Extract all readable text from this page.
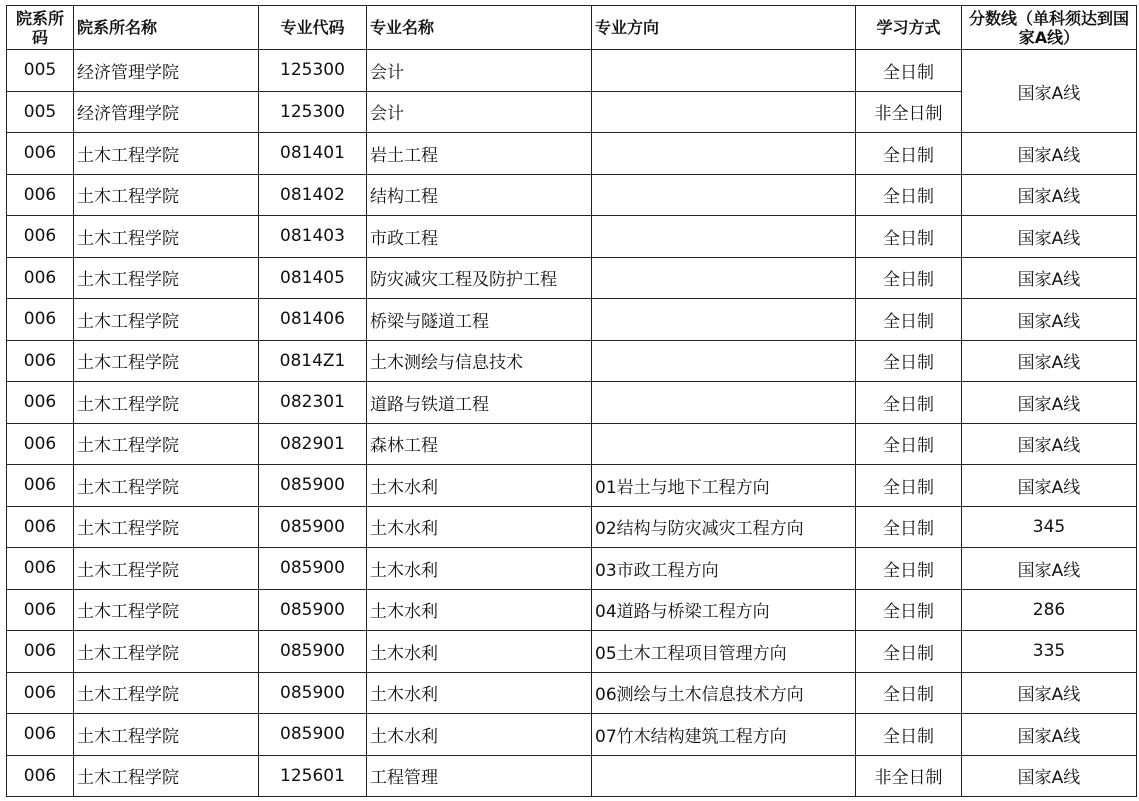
院系所码	院系所名称	专业代码	专业名称	专业方向	学习方式	分数线（单科须达到国家A线）
005	经济管理学院	125300	会计		全日制	国家A线
005	经济管理学院	125300	会计		非全日制	
006	土木工程学院	081401	岩土工程		全日制	国家A线
006	土木工程学院	081402	结构工程		全日制	国家A线
006	土木工程学院	081403	市政工程		全日制	国家A线
006	土木工程学院	081405	防灾减灾工程及防护工程		全日制	国家A线
006	土木工程学院	081406	桥梁与隧道工程		全日制	国家A线
006	土木工程学院	0814Z1	土木测绘与信息技术		全日制	国家A线
006	土木工程学院	082301	道路与铁道工程		全日制	国家A线
006	土木工程学院	082901	森林工程		全日制	国家A线
006	土木工程学院	085900	土木水利	01岩土与地下工程方向	全日制	国家A线
006	土木工程学院	085900	土木水利	02结构与防灾减灾工程方向	全日制	345
006	土木工程学院	085900	土木水利	03市政工程方向	全日制	国家A线
006	土木工程学院	085900	土木水利	04道路与桥梁工程方向	全日制	286
006	土木工程学院	085900	土木水利	05土木工程项目管理方向	全日制	335
006	土木工程学院	085900	土木水利	06测绘与土木信息技术方向	全日制	国家A线
006	土木工程学院	085900	土木水利	07竹木结构建筑工程方向	全日制	国家A线
006	土木工程学院	125601	工程管理		非全日制	国家A线
